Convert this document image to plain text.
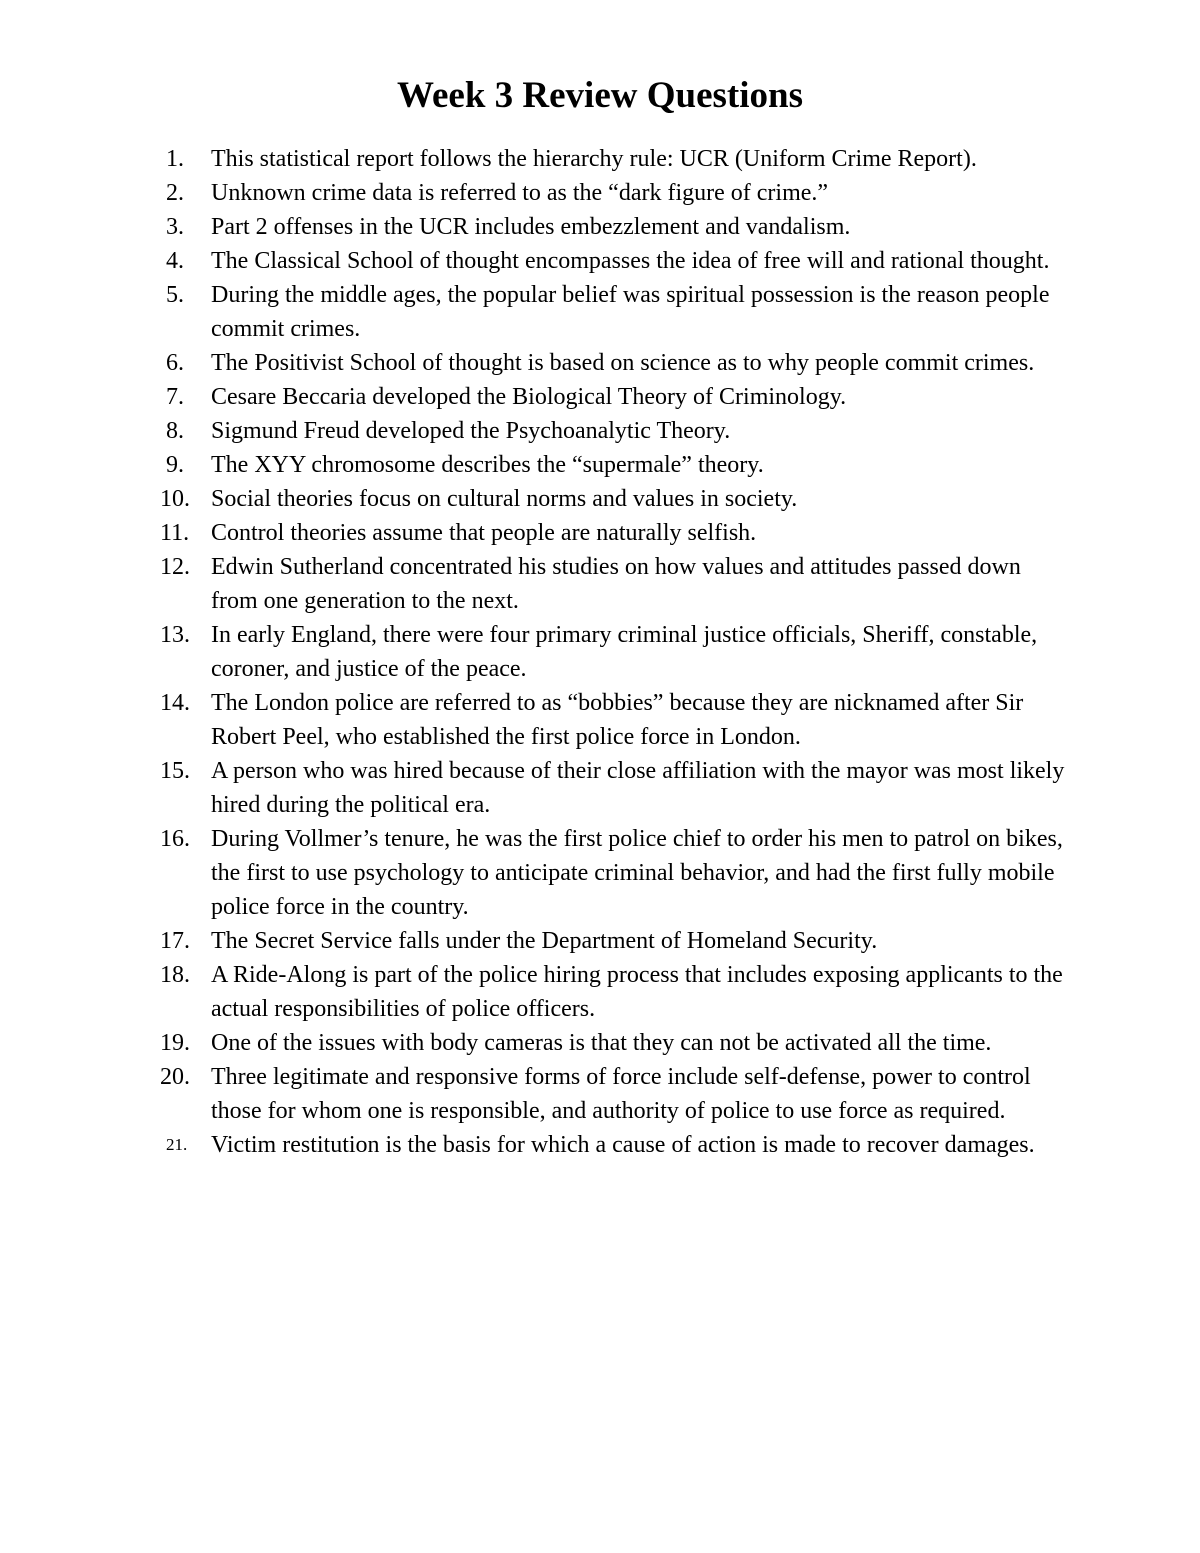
Week 3 Review Questions
1.	This statistical report follows the hierarchy rule: UCR (Uniform Crime Report).
2.	Unknown crime data is referred to as the “dark figure of crime.”
3.	Part 2 offenses in the UCR includes embezzlement and vandalism.
4.	The Classical School of thought encompasses the idea of free will and rational thought.
5.	During the middle ages, the popular belief was spiritual possession is the reason people commit crimes.
6.	The Positivist School of thought is based on science as to why people commit crimes.
7.	Cesare Beccaria developed the Biological Theory of Criminology.
8.	Sigmund Freud developed the Psychoanalytic Theory.
9.	The XYY chromosome describes the “supermale” theory.
10. Social theories focus on cultural norms and values in society.
11. Control theories assume that people are naturally selfish.
12. Edwin Sutherland concentrated his studies on how values and attitudes passed down from one generation to the next.
13. In early England, there were four primary criminal justice officials, Sheriff, constable, coroner, and justice of the peace.
14. The London police are referred to as “bobbies” because they are nicknamed after Sir Robert Peel, who established the first police force in London.
15. A person who was hired because of their close affiliation with the mayor was most likely hired during the political era.
16. During Vollmer’s tenure, he was the first police chief to order his men to patrol on bikes, the first to use psychology to anticipate criminal behavior, and had the first fully mobile police force in the country.
17. The Secret Service falls under the Department of Homeland Security.
18. A Ride-Along is part of the police hiring process that includes exposing applicants to the actual responsibilities of police officers.
19. One of the issues with body cameras is that they can not be activated all the time.
20. Three legitimate and responsive forms of force include self-defense, power to control those for whom one is responsible, and authority of police to use force as required.
21. Victim restitution is the basis for which a cause of action is made to recover damages.
